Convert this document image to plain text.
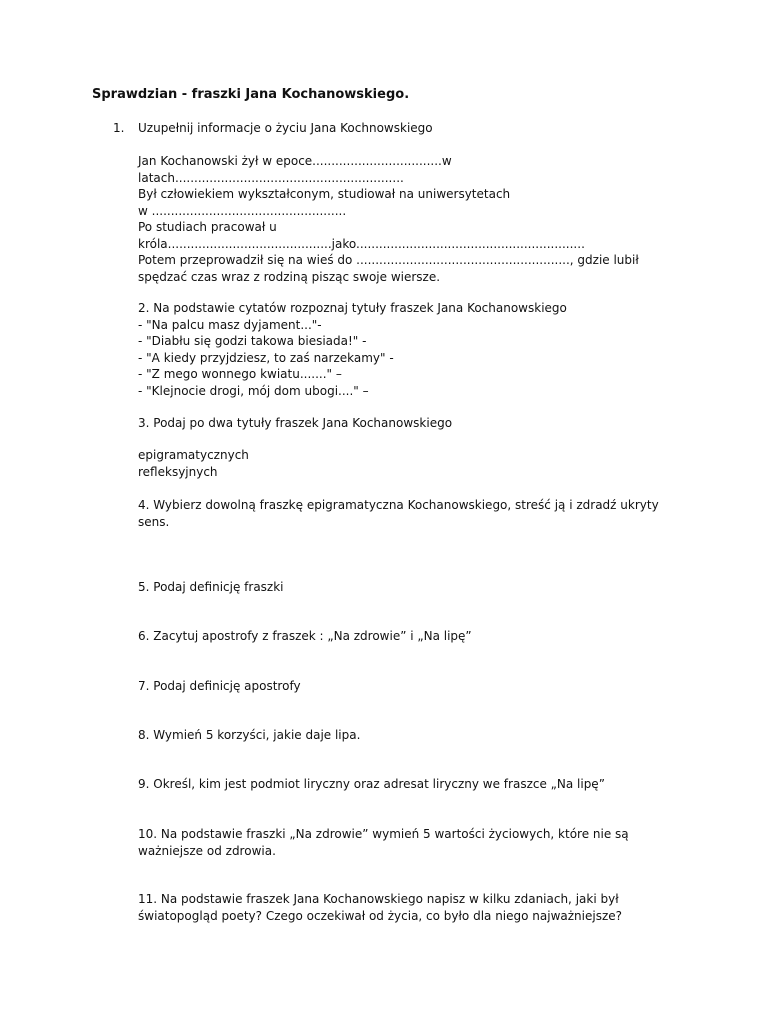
Sprawdzian - fraszki Jana Kochanowskiego.
1. Uzupełnij informacje o życiu Jana Kochnowskiego
Jan Kochanowski żył w epoce..................................w
latach............................................................
Był człowiekiem wykształconym, studiował na uniwersytetach
w ...................................................
Po studiach pracował u
króla...........................................jako............................................................
Potem przeprowadził się na wieś do ........................................................, gdzie lubił
spędzać czas wraz z rodziną pisząc swoje wiersze.
2. Na podstawie cytatów rozpoznaj tytuły fraszek Jana Kochanowskiego
- "Na palcu masz dyjament..."-
- "Diabłu się godzi takowa biesiada!" -
- "A kiedy przyjdziesz, to zaś narzekamy" -
- "Z mego wonnego kwiatu......." –
- "Klejnocie drogi, mój dom ubogi...." –
3. Podaj po dwa tytuły fraszek Jana Kochanowskiego
epigramatycznych
refleksyjnych
4. Wybierz dowolną fraszkę epigramatyczna Kochanowskiego, streść ją i zdradź ukryty
sens.
5. Podaj definicję fraszki
6. Zacytuj apostrofy z fraszek : „Na zdrowie” i „Na lipę”
7. Podaj definicję apostrofy
8. Wymień 5 korzyści, jakie daje lipa.
9. Określ, kim jest podmiot liryczny oraz adresat liryczny we fraszce „Na lipę”
10. Na podstawie fraszki „Na zdrowie” wymień 5 wartości życiowych, które nie są
ważniejsze od zdrowia.
11. Na podstawie fraszek Jana Kochanowskiego napisz w kilku zdaniach, jaki był
światopogląd poety? Czego oczekiwał od życia, co było dla niego najważniejsze?
